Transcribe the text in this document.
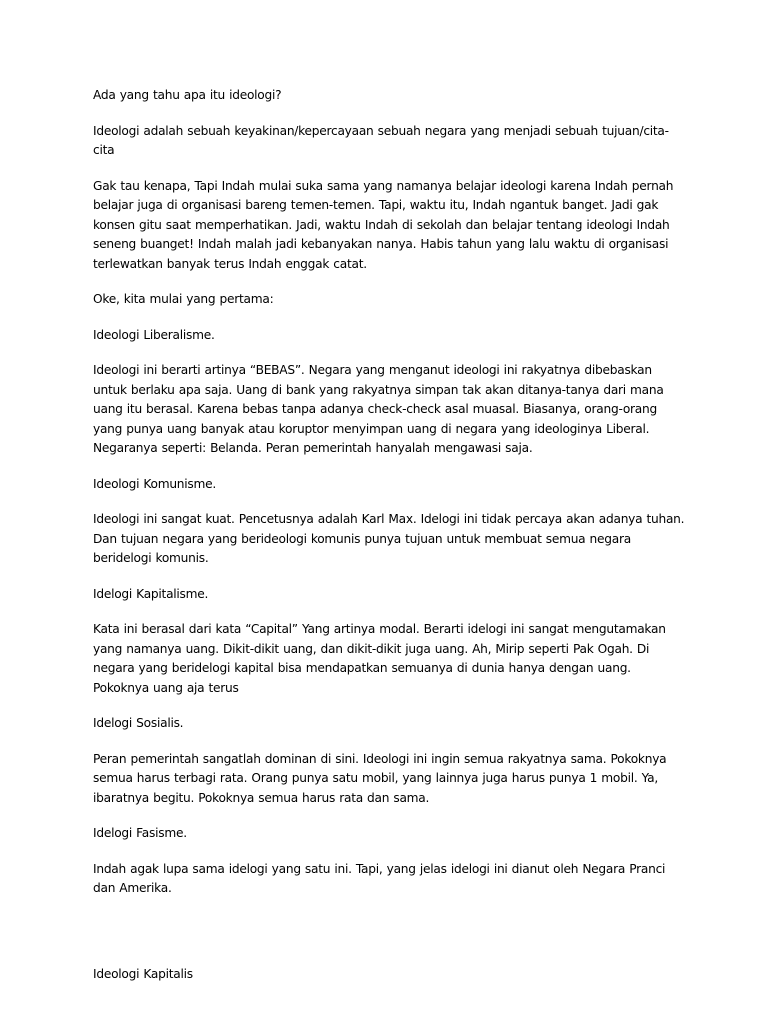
Ada yang tahu apa itu ideologi?

Ideologi adalah sebuah keyakinan/kepercayaan sebuah negara yang menjadi sebuah tujuan/cita-cita

Gak tau kenapa, Tapi Indah mulai suka sama yang namanya belajar ideologi karena Indah pernah belajar juga di organisasi bareng temen-temen. Tapi, waktu itu, Indah ngantuk banget. Jadi gak konsen gitu saat memperhatikan. Jadi, waktu Indah di sekolah dan belajar tentang ideologi Indah seneng buanget! Indah malah jadi kebanyakan nanya. Habis tahun yang lalu waktu di organisasi terlewatkan banyak terus Indah enggak catat.

Oke, kita mulai yang pertama:

Ideologi Liberalisme.

Ideologi ini berarti artinya “BEBAS”. Negara yang menganut ideologi ini rakyatnya dibebaskan untuk berlaku apa saja. Uang di bank yang rakyatnya simpan tak akan ditanya-tanya dari mana uang itu berasal. Karena bebas tanpa adanya check-check asal muasal. Biasanya, orang-orang yang punya uang banyak atau koruptor menyimpan uang di negara yang ideologinya Liberal. Negaranya seperti: Belanda. Peran pemerintah hanyalah mengawasi saja.

Ideologi Komunisme.

Ideologi ini sangat kuat. Pencetusnya adalah Karl Max. Idelogi ini tidak percaya akan adanya tuhan. Dan tujuan negara yang berideologi komunis punya tujuan untuk membuat semua negara beridelogi komunis.

Idelogi Kapitalisme.

Kata ini berasal dari kata “Capital” Yang artinya modal. Berarti idelogi ini sangat mengutamakan yang namanya uang. Dikit-dikit uang, dan dikit-dikit juga uang. Ah, Mirip seperti Pak Ogah. Di negara yang beridelogi kapital bisa mendapatkan semuanya di dunia hanya dengan uang. Pokoknya uang aja terus

Idelogi Sosialis.

Peran pemerintah sangatlah dominan di sini. Ideologi ini ingin semua rakyatnya sama. Pokoknya semua harus terbagi rata. Orang punya satu mobil, yang lainnya juga harus punya 1 mobil. Ya, ibaratnya begitu. Pokoknya semua harus rata dan sama.

Idelogi Fasisme.

Indah agak lupa sama idelogi yang satu ini. Tapi, yang jelas idelogi ini dianut oleh Negara Pranci dan Amerika.

Ideologi Kapitalis
